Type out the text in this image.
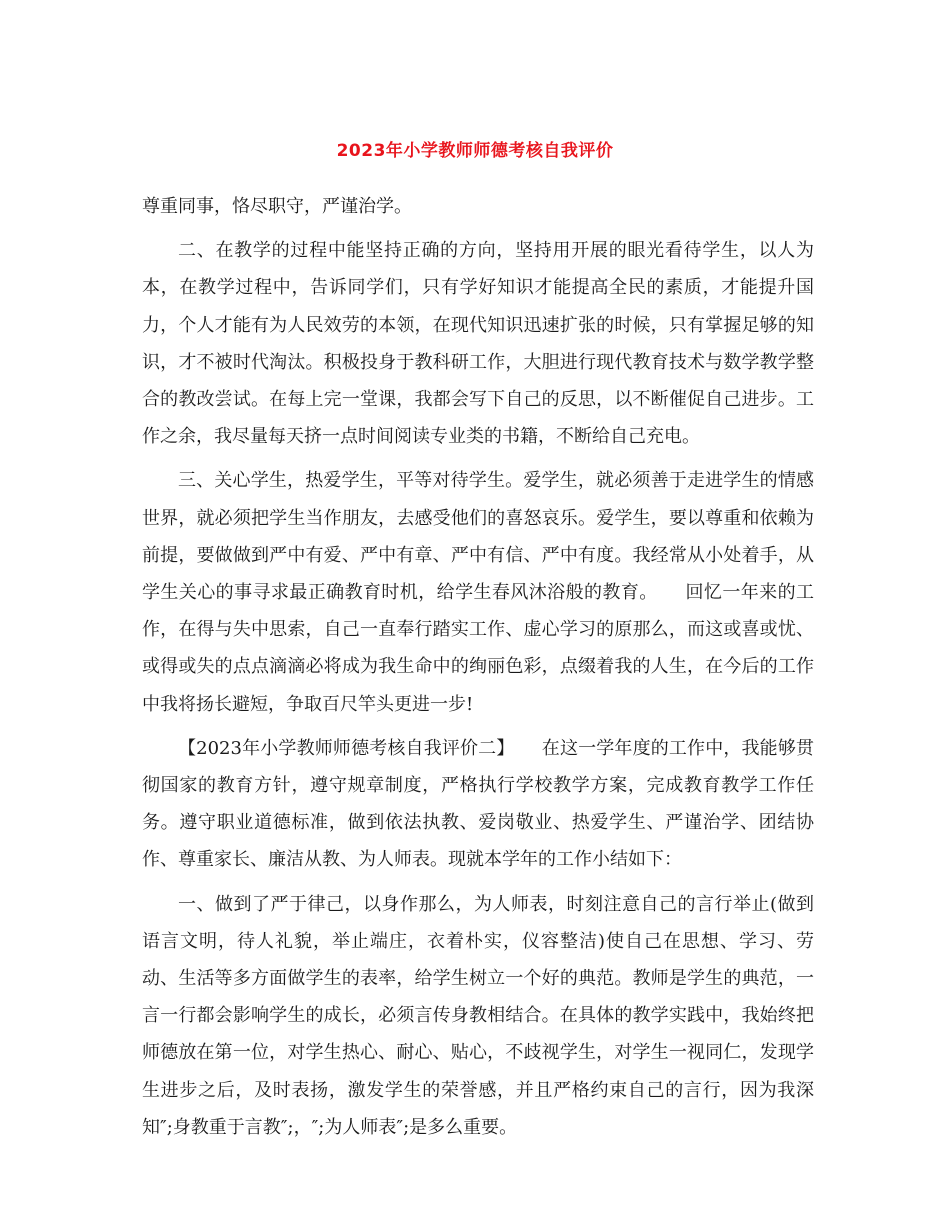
2023年小学教师师德考核自我评价

尊重同事，恪尽职守，严谨治学。

二、在教学的过程中能坚持正确的方向，坚持用开展的眼光看待学生，以人为本，在教学过程中，告诉同学们，只有学好知识才能提高全民的素质，才能提升国力，个人才能有为人民效劳的本领，在现代知识迅速扩张的时候，只有掌握足够的知识，才不被时代淘汰。积极投身于教科研工作，大胆进行现代教育技术与数学教学整合的教改尝试。在每上完一堂课，我都会写下自己的反思，以不断催促自己进步。工作之余，我尽量每天挤一点时间阅读专业类的书籍，不断给自己充电。

三、关心学生，热爱学生，平等对待学生。爱学生，就必须善于走进学生的情感世界，就必须把学生当作朋友，去感受他们的喜怒哀乐。爱学生，要以尊重和依赖为前提，要做做到严中有爱、严中有章、严中有信、严中有度。我经常从小处着手，从学生关心的事寻求最正确教育时机，给学生春风沐浴般的教育。　　回忆一年来的工作，在得与失中思索，自己一直奉行踏实工作、虚心学习的原那么，而这或喜或忧、或得或失的点点滴滴必将成为我生命中的绚丽色彩，点缀着我的人生，在今后的工作中我将扬长避短，争取百尺竿头更进一步!

【2023年小学教师师德考核自我评价二】　　在这一学年度的工作中，我能够贯彻国家的教育方针，遵守规章制度，严格执行学校教学方案，完成教育教学工作任务。遵守职业道德标准，做到依法执教、爱岗敬业、热爱学生、严谨治学、团结协作、尊重家长、廉洁从教、为人师表。现就本学年的工作小结如下：

一、做到了严于律己，以身作那么，为人师表，时刻注意自己的言行举止(做到语言文明，待人礼貌，举止端庄，衣着朴实，仪容整洁)使自己在思想、学习、劳动、生活等多方面做学生的表率，给学生树立一个好的典范。教师是学生的典范，一言一行都会影响学生的成长，必须言传身教相结合。在具体的教学实践中，我始终把师德放在第一位，对学生热心、耐心、贴心，不歧视学生，对学生一视同仁，发现学生进步之后，及时表扬，激发学生的荣誉感，并且严格约束自己的言行，因为我深知″;身教重于言教″;，″;为人师表″;是多么重要。
